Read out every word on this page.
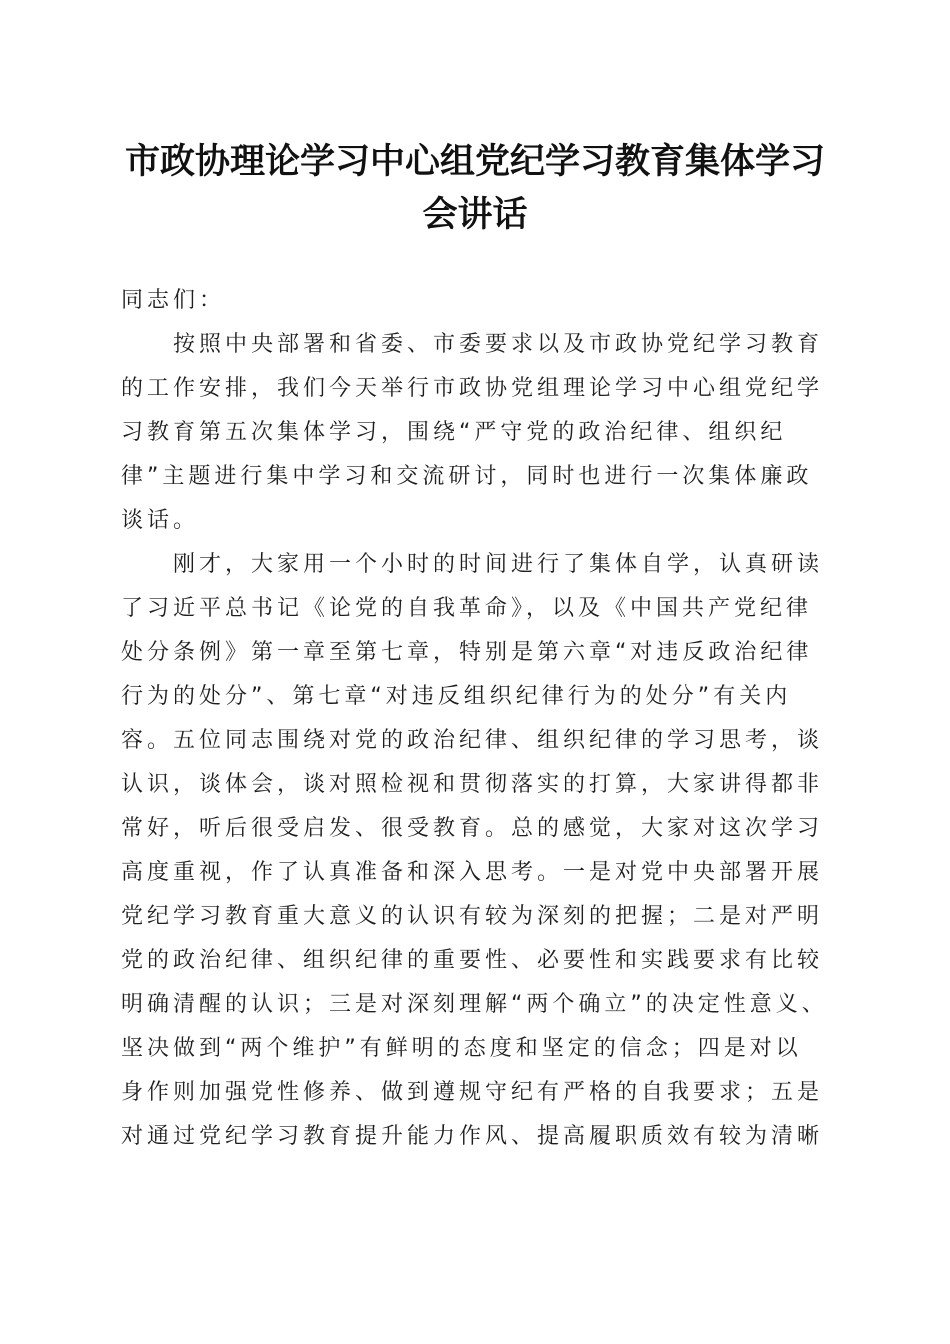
市政协理论学习中心组党纪学习教育集体学习
会讲话

同志们：

按照中央部署和省委、市委要求以及市政协党纪学习教育
的工作安排，我们今天举行市政协党组理论学习中心组党纪学
习教育第五次集体学习，围绕“严守党的政治纪律、组织纪
律”主题进行集中学习和交流研讨，同时也进行一次集体廉政
谈话。
刚才，大家用一个小时的时间进行了集体自学，认真研读
了习近平总书记《论党的自我革命》，以及《中国共产党纪律
处分条例》第一章至第七章，特别是第六章“对违反政治纪律
行为的处分”、第七章“对违反组织纪律行为的处分”有关内
容。五位同志围绕对党的政治纪律、组织纪律的学习思考，谈
认识，谈体会，谈对照检视和贯彻落实的打算，大家讲得都非
常好，听后很受启发、很受教育。总的感觉，大家对这次学习
高度重视，作了认真准备和深入思考。一是对党中央部署开展
党纪学习教育重大意义的认识有较为深刻的把握；二是对严明
党的政治纪律、组织纪律的重要性、必要性和实践要求有比较
明确清醒的认识；三是对深刻理解“两个确立”的决定性意义、
坚决做到“两个维护”有鲜明的态度和坚定的信念；四是对以
身作则加强党性修养、做到遵规守纪有严格的自我要求；五是
对通过党纪学习教育提升能力作风、提高履职质效有较为清晰
